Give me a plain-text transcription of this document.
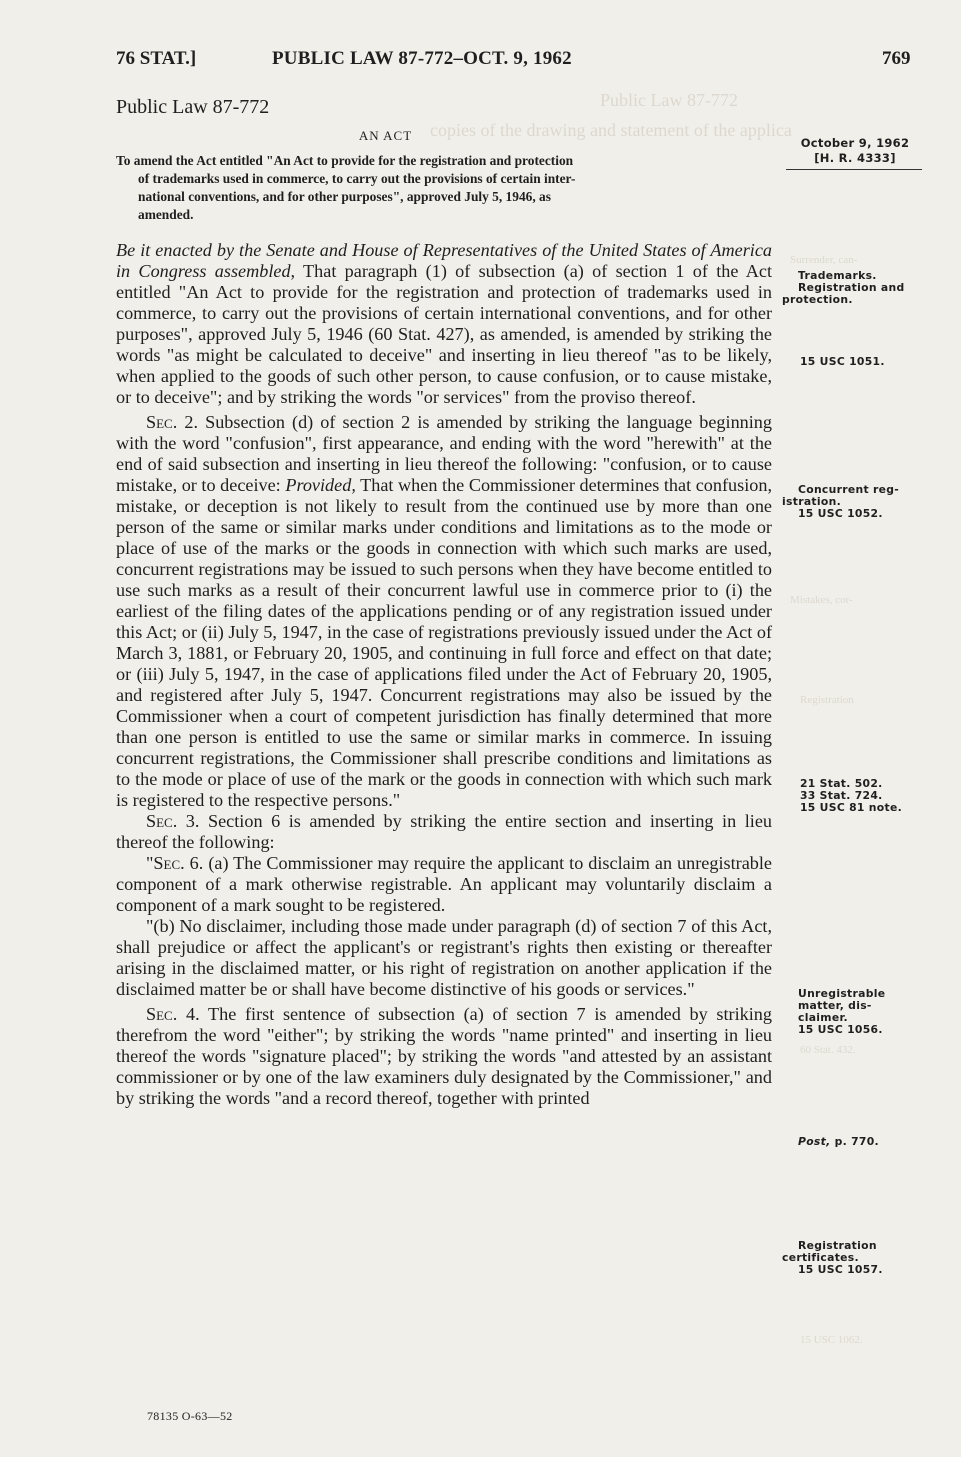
Public Law 87-772
copies of the drawing and statement of the applica
Surrender, can-
Mistakes, cor-
Registration
60 Stat. 432.
15 USC 1062.
76 STAT.]	PUBLIC LAW 87-772–OCT. 9, 1962	769
Public Law 87-772
AN ACT
To amend the Act entitled "An Act to provide for the registration and protection
of trademarks used in commerce, to carry out the provisions of certain inter-
national conventions, and for other purposes", approved July 5, 1946, as
amended.
October 9, 1962
[H. R. 4333]

Be it enacted by the Senate and House of Representatives of the United States of America in Congress assembled, That paragraph (1) of subsection (a) of section 1 of the Act entitled "An Act to provide for the registration and protection of trademarks used in commerce, to carry out the provisions of certain international conventions, and for other purposes", approved July 5, 1946 (60 Stat. 427), as amended, is amended by striking the words "as might be calculated to deceive" and inserting in lieu thereof "as to be likely, when applied to the goods of such other person, to cause confusion, or to cause mistake, or to deceive"; and by striking the words "or services" from the proviso thereof.

Sec. 2. Subsection (d) of section 2 is amended by striking the language beginning with the word "confusion", first appearance, and ending with the word "herewith" at the end of said subsection and inserting in lieu thereof the following: "confusion, or to cause mistake, or to deceive: Provided, That when the Commissioner determines that confusion, mistake, or deception is not likely to result from the continued use by more than one person of the same or similar marks under conditions and limitations as to the mode or place of use of the marks or the goods in connection with which such marks are used, concurrent registrations may be issued to such persons when they have become entitled to use such marks as a result of their concurrent lawful use in commerce prior to (i) the earliest of the filing dates of the applications pending or of any registration issued under this Act; or (ii) July 5, 1947, in the case of registrations previously issued under the Act of March 3, 1881, or February 20, 1905, and continuing in full force and effect on that date; or (iii) July 5, 1947, in the case of applications filed under the Act of February 20, 1905, and registered after July 5, 1947. Concurrent registrations may also be issued by the Commissioner when a court of competent jurisdiction has finally determined that more than one person is entitled to use the same or similar marks in commerce. In issuing concurrent registrations, the Commissioner shall prescribe conditions and limitations as to the mode or place of use of the mark or the goods in connection with which such mark is registered to the respective persons."

Sec. 3. Section 6 is amended by striking the entire section and inserting in lieu thereof the following:

"Sec. 6. (a) The Commissioner may require the applicant to disclaim an unregistrable component of a mark otherwise registrable. An applicant may voluntarily disclaim a component of a mark sought to be registered.

"(b) No disclaimer, including those made under paragraph (d) of section 7 of this Act, shall prejudice or affect the applicant's or registrant's rights then existing or thereafter arising in the disclaimed matter, or his right of registration on another application if the disclaimed matter be or shall have become distinctive of his goods or services."

Sec. 4. The first sentence of subsection (a) of section 7 is amended by striking therefrom the word "either"; by striking the words "name printed" and inserting in lieu thereof the words "signature placed"; by striking the words "and attested by an assistant commissioner or by one of the law examiners duly designated by the Commissioner," and by striking the words "and a record thereof, together with printed

Trademarks.
Registration and
protection.
15 USC 1051.
Concurrent reg-
istration.
15 USC 1052.
21 Stat. 502.
33 Stat. 724.
15 USC 81 note.
Unregistrable
matter, dis-
claimer.
15 USC 1056.
Post, p. 770.
Registration
certificates.
15 USC 1057.
78135 O-63—52
